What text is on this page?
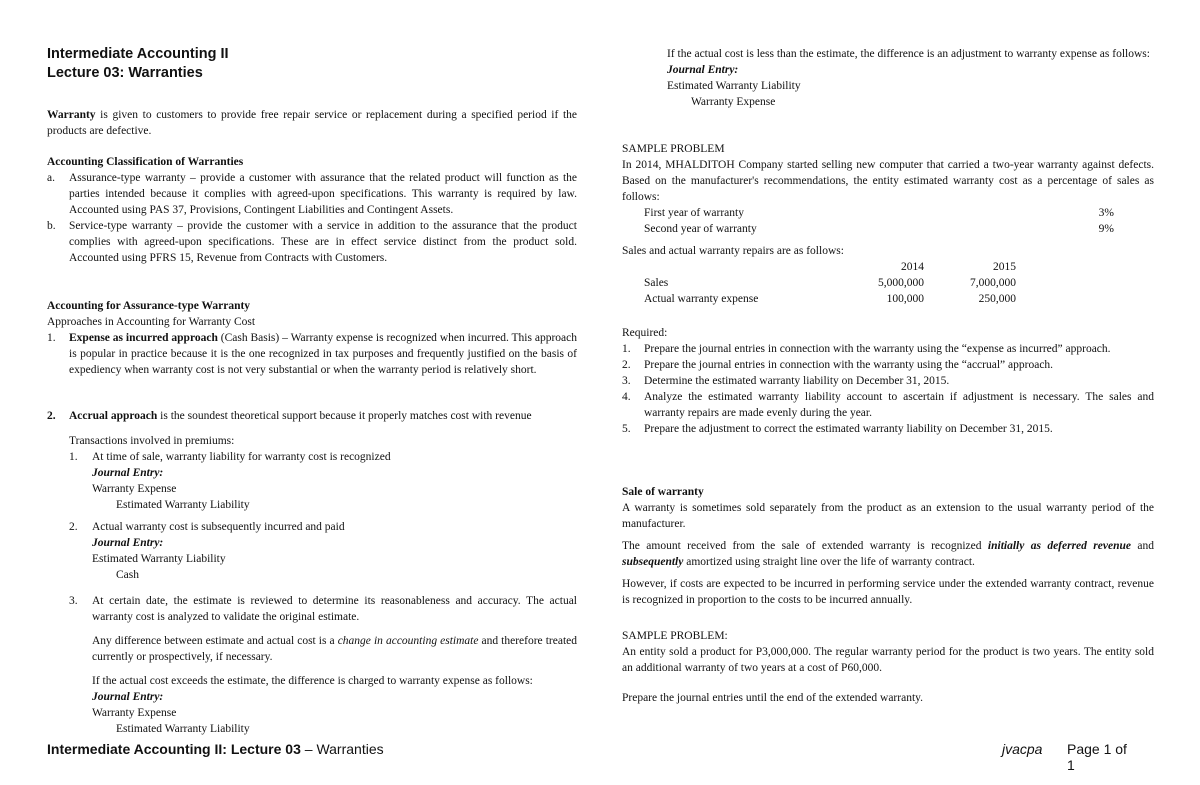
Intermediate Accounting II
Lecture 03: Warranties

Warranty is given to customers to provide free repair service or replacement during a specified period if the products are defective.

Accounting Classification of Warranties

a. Assurance-type warranty – provide a customer with assurance that the related product will function as the parties intended because it complies with agreed-upon specifications. This warranty is required by law. Accounted using PAS 37, Provisions, Contingent Liabilities and Contingent Assets.
b. Service-type warranty – provide the customer with a service in addition to the assurance that the product complies with agreed-upon specifications. These are in effect service distinct from the product sold. Accounted using PFRS 15, Revenue from Contracts with Customers.

Accounting for Assurance-type Warranty

Approaches in Accounting for Warranty Cost

1. Expense as incurred approach (Cash Basis) – Warranty expense is recognized when incurred. This approach is popular in practice because it is the one recognized in tax purposes and frequently justified on the basis of expediency when warranty cost is not very substantial or when the warranty period is relatively short.
2. Accrual approach is the soundest theoretical support because it properly matches cost with revenue

Transactions involved in premiums:

1. At time of sale, warranty liability for warranty cost is recognized

Journal Entry:

Warranty Expense

Estimated Warranty Liability

2. Actual warranty cost is subsequently incurred and paid

Journal Entry:

Estimated Warranty Liability

Cash

3. At certain date, the estimate is reviewed to determine its reasonableness and accuracy. The actual warranty cost is analyzed to validate the original estimate.

Any difference between estimate and actual cost is a change in accounting estimate and therefore treated currently or prospectively, if necessary.

If the actual cost exceeds the estimate, the difference is charged to warranty expense as follows:

Journal Entry:

Warranty Expense

Estimated Warranty Liability

If the actual cost is less than the estimate, the difference is an adjustment to warranty expense as follows:

Journal Entry:

Estimated Warranty Liability

Warranty Expense

SAMPLE PROBLEM

In 2014, MHALDITOH Company started selling new computer that carried a two-year warranty against defects. Based on the manufacturer's recommendations, the entity estimated warranty cost as a percentage of sales as follows:

First year of warranty	3%
Second year of warranty	9%

Sales and actual warranty repairs are as follows:

	2014	2015
Sales	5,000,000	7,000,000
Actual warranty expense	100,000	250,000

Required:

1. Prepare the journal entries in connection with the warranty using the “expense as incurred” approach.
2. Prepare the journal entries in connection with the warranty using the “accrual” approach.
3. Determine the estimated warranty liability on December 31, 2015.
4. Analyze the estimated warranty liability account to ascertain if adjustment is necessary. The sales and warranty repairs are made evenly during the year.
5. Prepare the adjustment to correct the estimated warranty liability on December 31, 2015.

Sale of warranty

A warranty is sometimes sold separately from the product as an extension to the usual warranty period of the manufacturer.

The amount received from the sale of extended warranty is recognized initially as deferred revenue and subsequently amortized using straight line over the life of warranty contract.

However, if costs are expected to be incurred in performing service under the extended warranty contract, revenue is recognized in proportion to the costs to be incurred annually.

SAMPLE PROBLEM:

An entity sold a product for P3,000,000. The regular warranty period for the product is two years. The entity sold an additional warranty of two years at a cost of P60,000.

Prepare the journal entries until the end of the extended warranty.

Intermediate Accounting II: Lecture 03 – Warranties	jvacpa Page 1 of 1
